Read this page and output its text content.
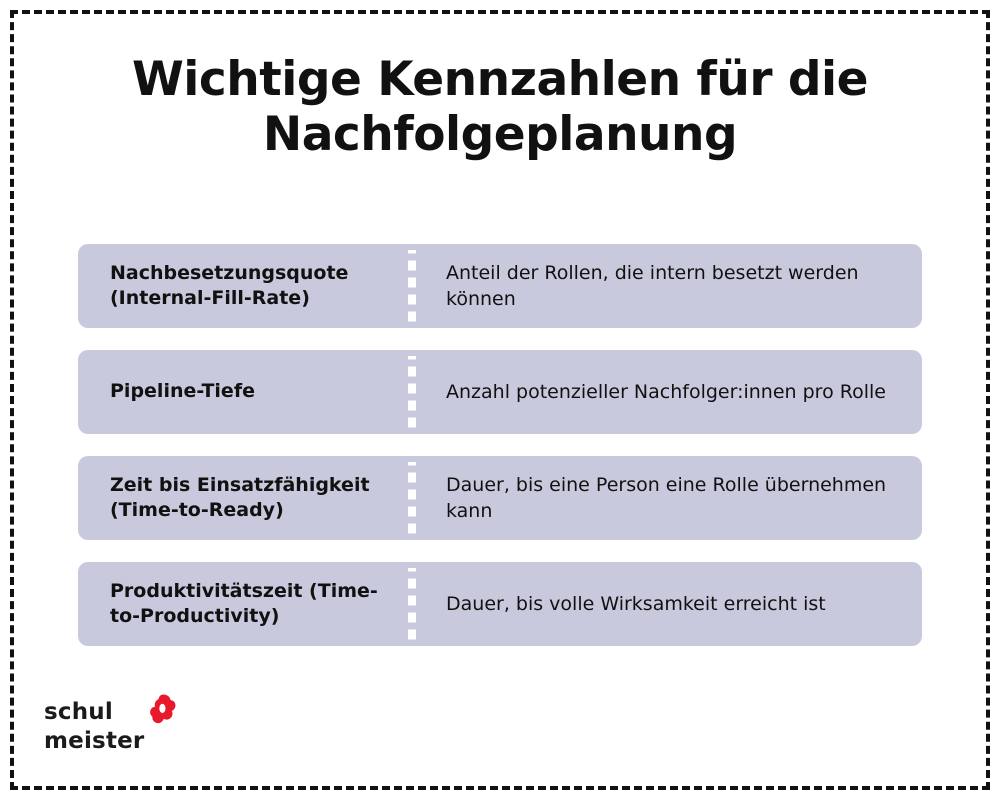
Wichtige Kennzahlen für die Nachfolgeplanung
Nachbesetzungsquote (Internal-Fill-Rate)
Anteil der Rollen, die intern besetzt werden können
Pipeline-Tiefe	Anzahl potenzieller Nachfolger:innen pro Rolle
Zeit bis Einsatzfähigkeit (Time-to-Ready)
Dauer, bis eine Person eine Rolle übernehmen kann
Produktivitätszeit (Time-to-Productivity)
Dauer, bis volle Wirksamkeit erreicht ist
schul
meister
